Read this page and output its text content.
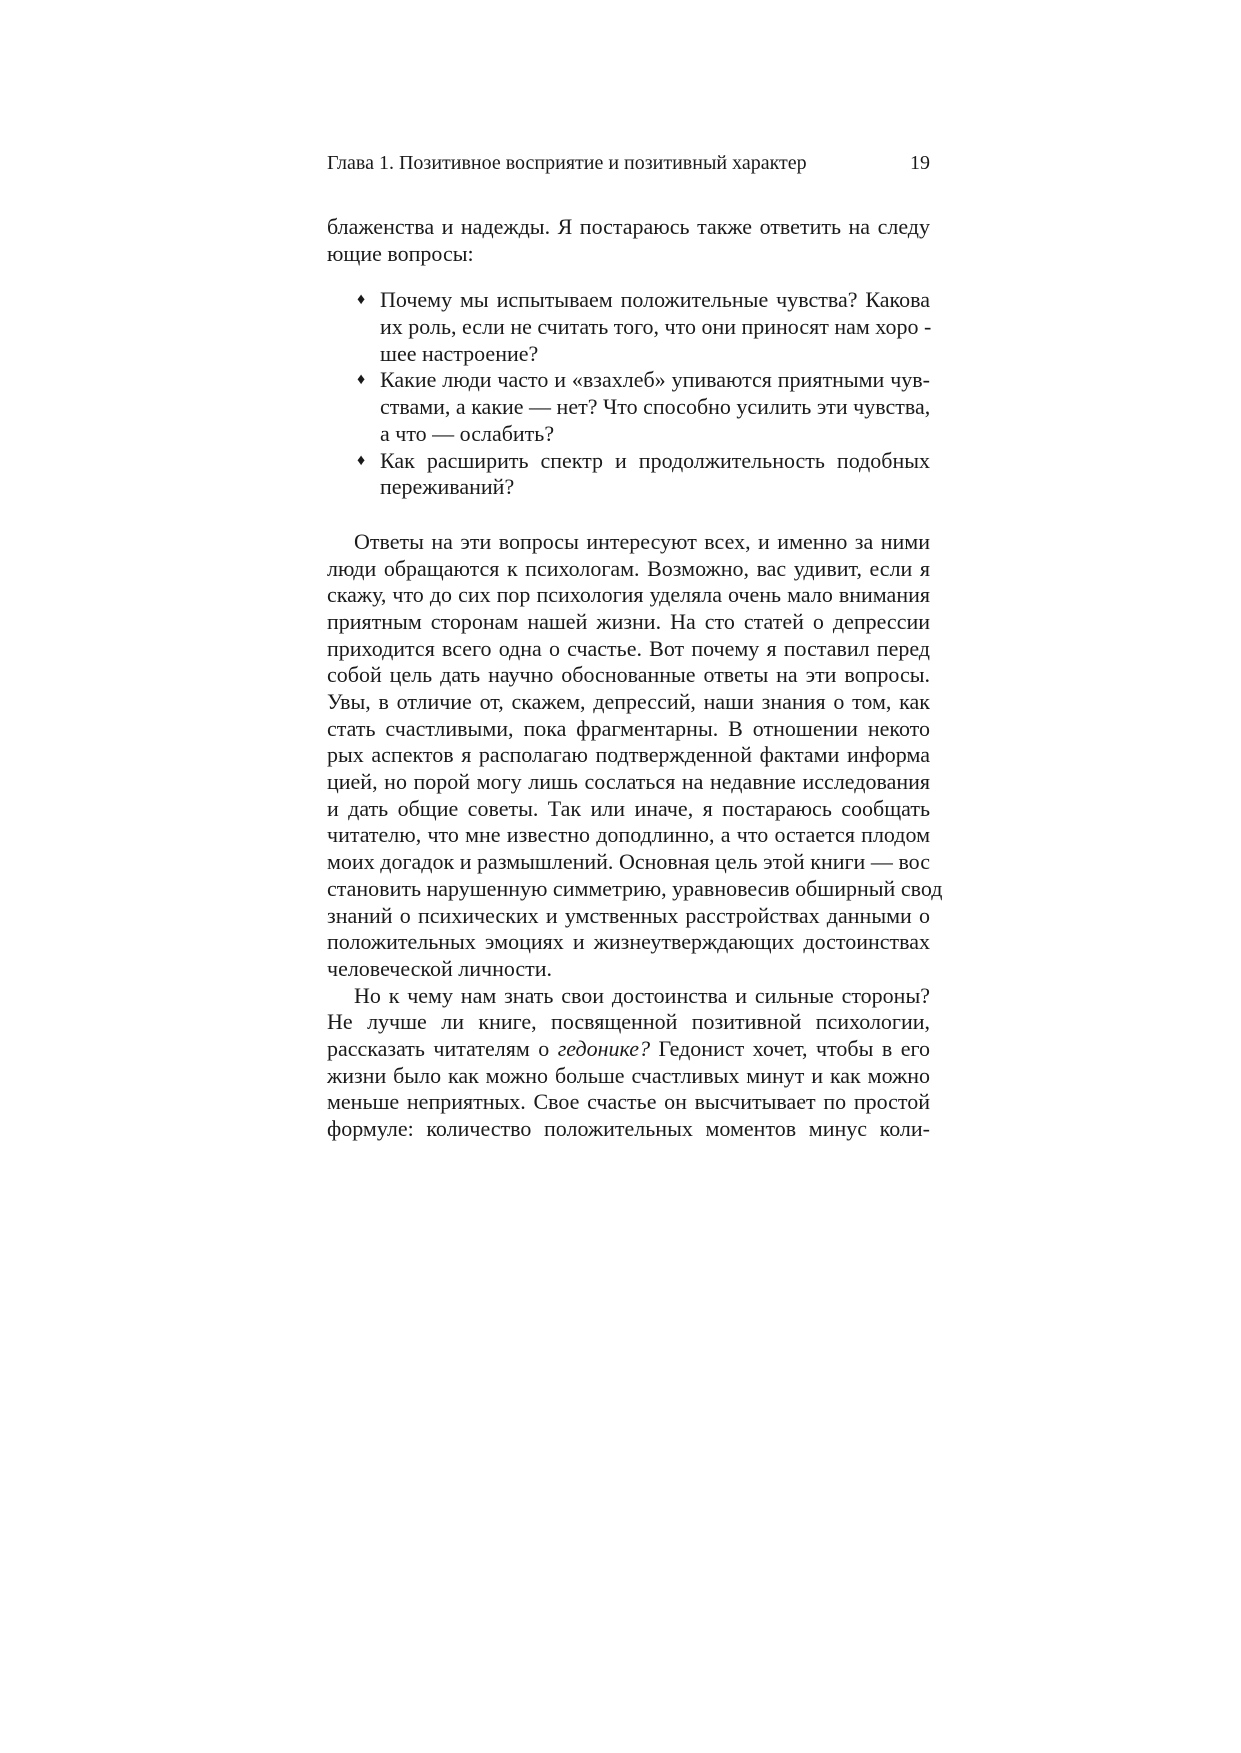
Глава 1. Позитивное восприятие и позитивный характер	19
блаженства и надежды. Я постараюсь также ответить на следу
ющие вопросы:
♦ Почему мы испытываем положительные чувства? Какова
их роль, если не считать того, что они приносят нам хоро -
шее настроение?
♦ Какие люди часто и «взахлеб» упиваются приятными чув-
ствами, а какие — нет? Что способно усилить эти чувства,
а что — ослабить?
♦ Как расширить спектр и продолжительность подобных
переживаний?
Ответы на эти вопросы интересуют всех, и именно за ними
люди обращаются к психологам. Возможно, вас удивит, если я
скажу, что до сих пор психология уделяла очень мало внимания
приятным сторонам нашей жизни. На сто статей о депрессии
приходится всего одна о счастье. Вот почему я поставил перед
собой цель дать научно обоснованные ответы на эти вопросы.
Увы, в отличие от, скажем, депрессий, наши знания о том, как
стать счастливыми, пока фрагментарны. В отношении некото
рых аспектов я располагаю подтвержденной фактами информа
цией, но порой могу лишь сослаться на недавние исследования
и дать общие советы. Так или иначе, я постараюсь сообщать
читателю, что мне известно доподлинно, а что остается плодом
моих догадок и размышлений. Основная цель этой книги — вос
становить нарушенную симметрию, уравновесив обширный свод
знаний о психических и умственных расстройствах данными о
положительных эмоциях и жизнеутверждающих достоинствах
человеческой личности.
Но к чему нам знать свои достоинства и сильные стороны?
Не лучше ли книге, посвященной позитивной психологии,
рассказать читателям о гедонике? Гедонист хочет, чтобы в его
жизни было как можно больше счастливых минут и как можно
меньше неприятных. Свое счастье он высчитывает по простой
формуле: количество положительных моментов минус коли-
